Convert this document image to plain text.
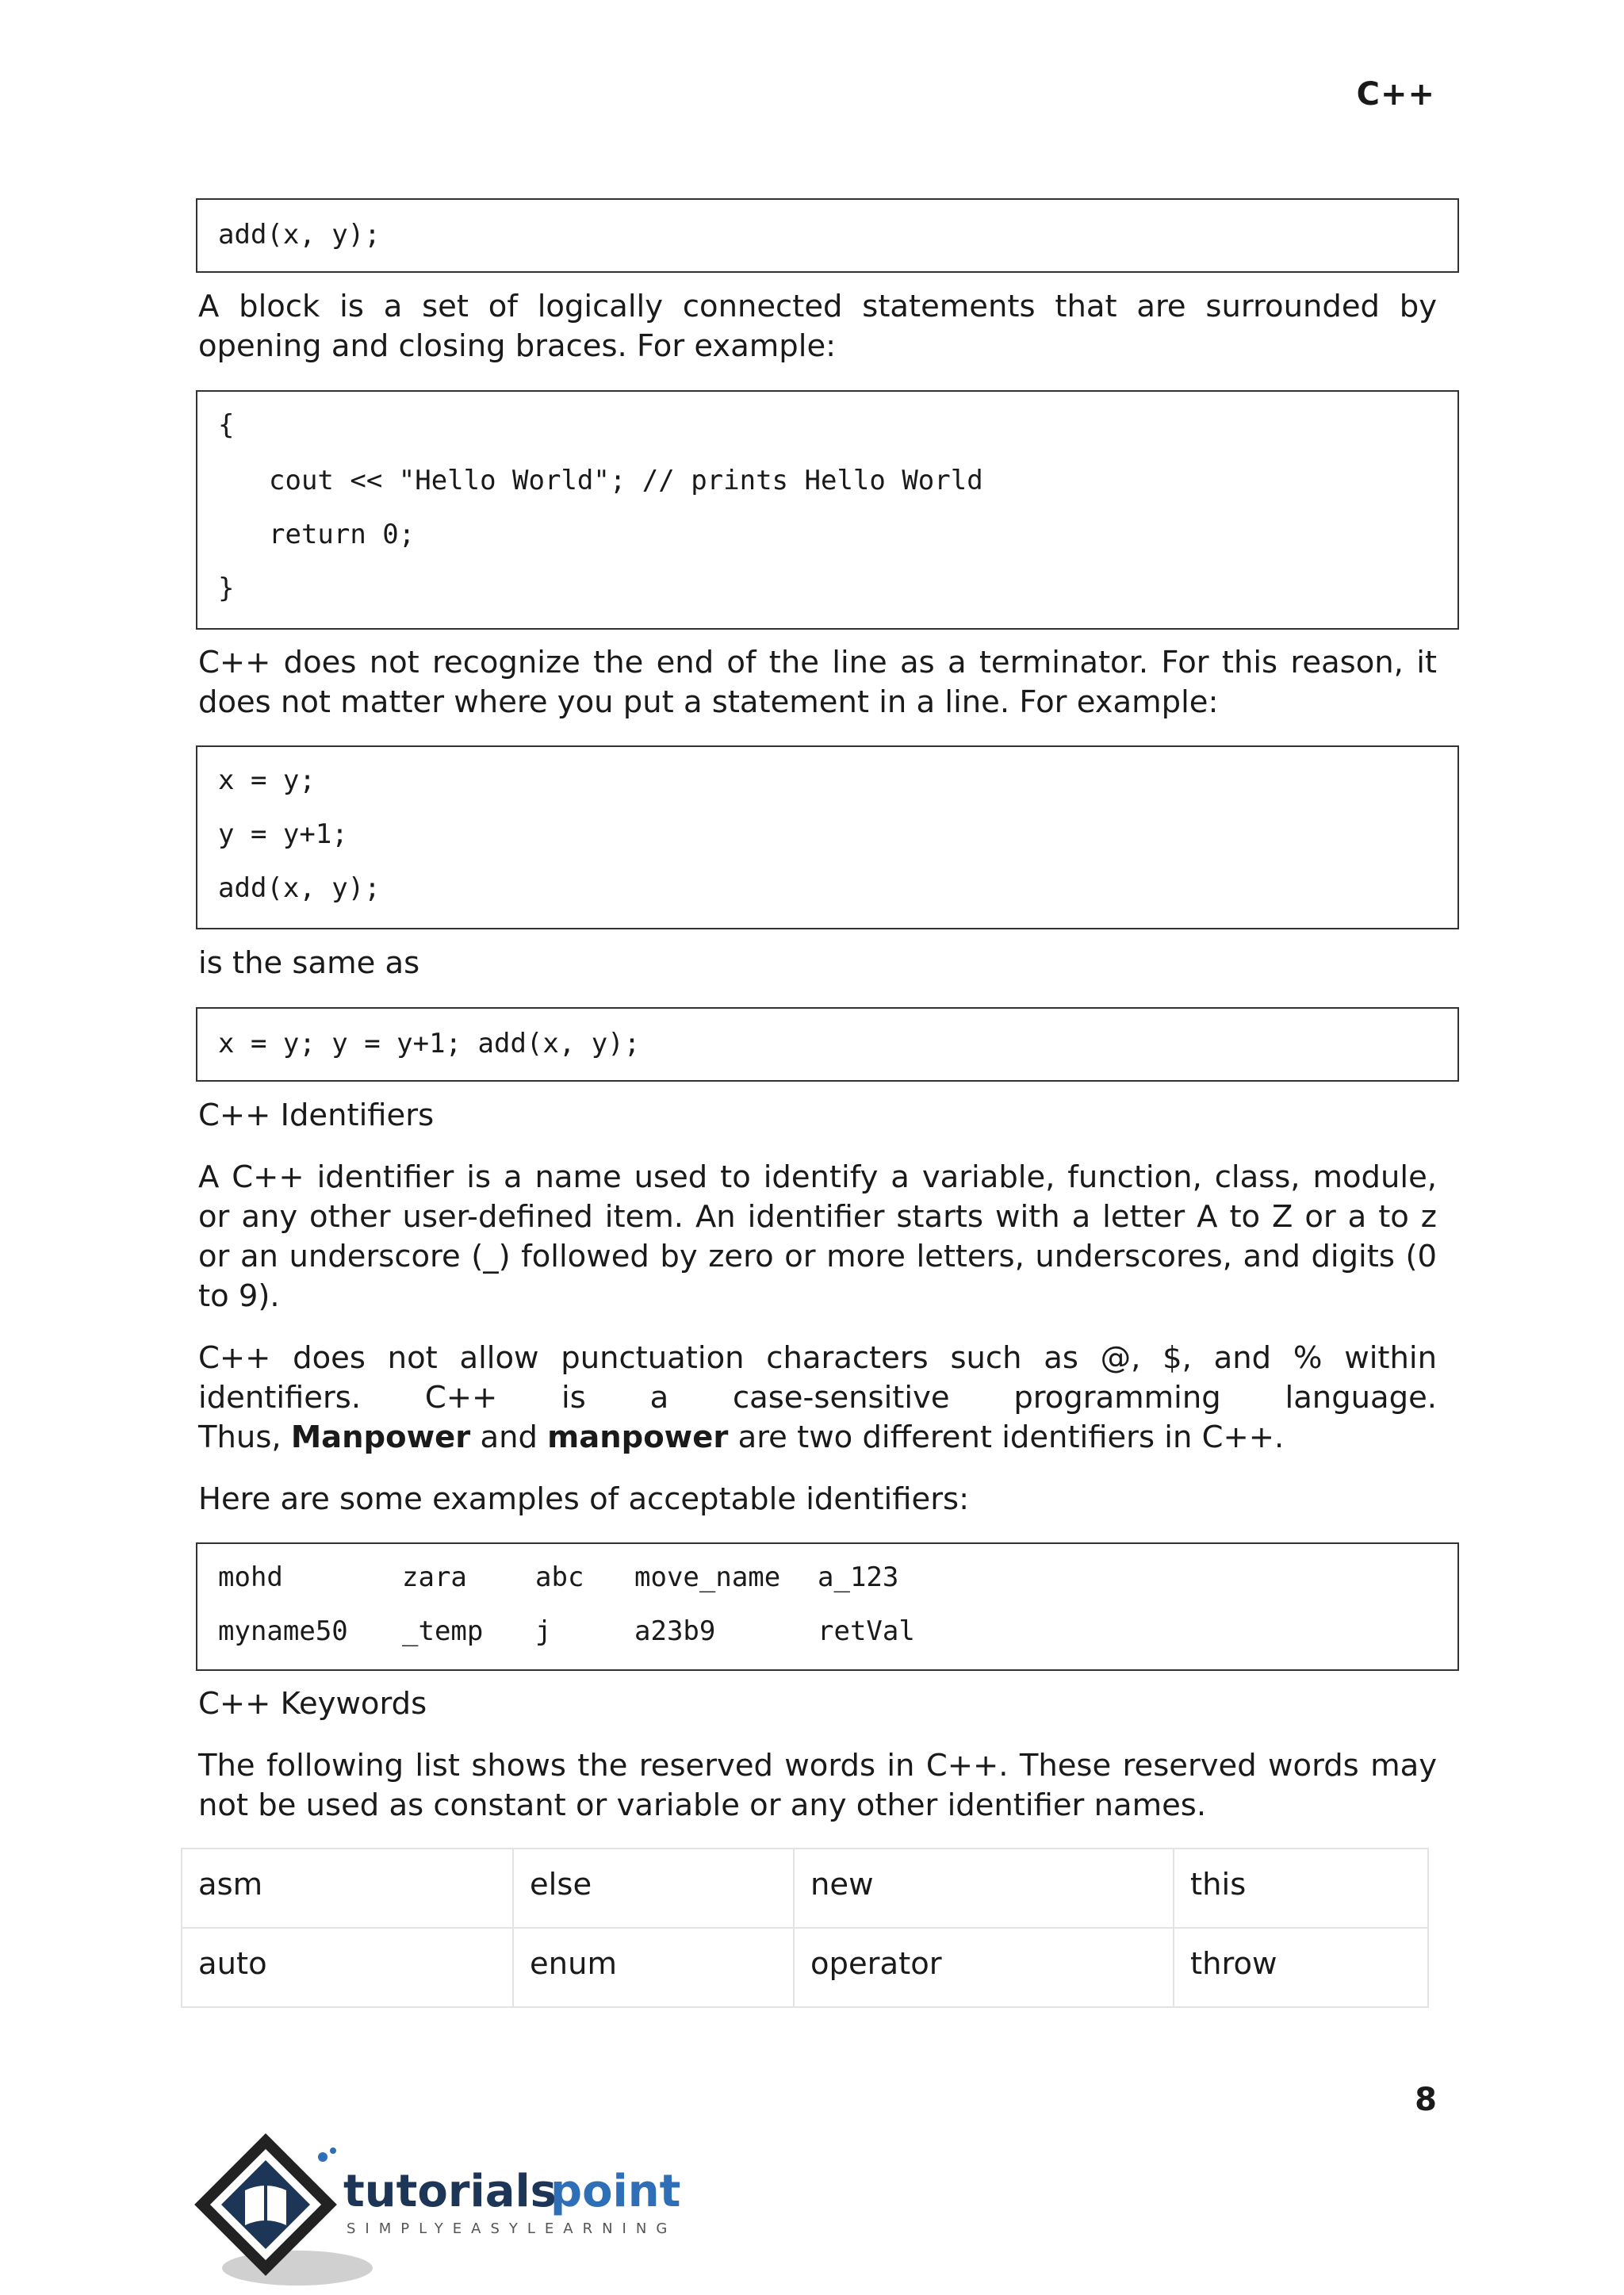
C++
add(x, y);
A block is a set of logically connected statements that are surrounded by opening and closing braces. For example:
{
cout << "Hello World"; // prints Hello World
return 0;
}
C++ does not recognize the end of the line as a terminator. For this reason, it does not matter where you put a statement in a line. For example:
x = y;
y = y+1;
add(x, y);
is the same as
x = y; y = y+1; add(x, y);
C++ Identifiers
A C++ identifier is a name used to identify a variable, function, class, module, or any other user-defined item. An identifier starts with a letter A to Z or a to z or an underscore (_) followed by zero or more letters, underscores, and digits (0 to 9).
C++ does not allow punctuation characters such as @, $, and % within
identifiers. C++ is a case-sensitive programming language.
Thus, Manpower and manpower are two different identifiers in C++.
Here are some examples of acceptable identifiers:
mohd	zara	abc move_name a_123
myname50 _temp j	a23b9	retVal
C++ Keywords
The following list shows the reserved words in C++. These reserved words may not be used as constant or variable or any other identifier names.
asm	else	new	this
auto	enum	operator	throw
8
tutorials
point
SIMPLYEASYLEARNING
